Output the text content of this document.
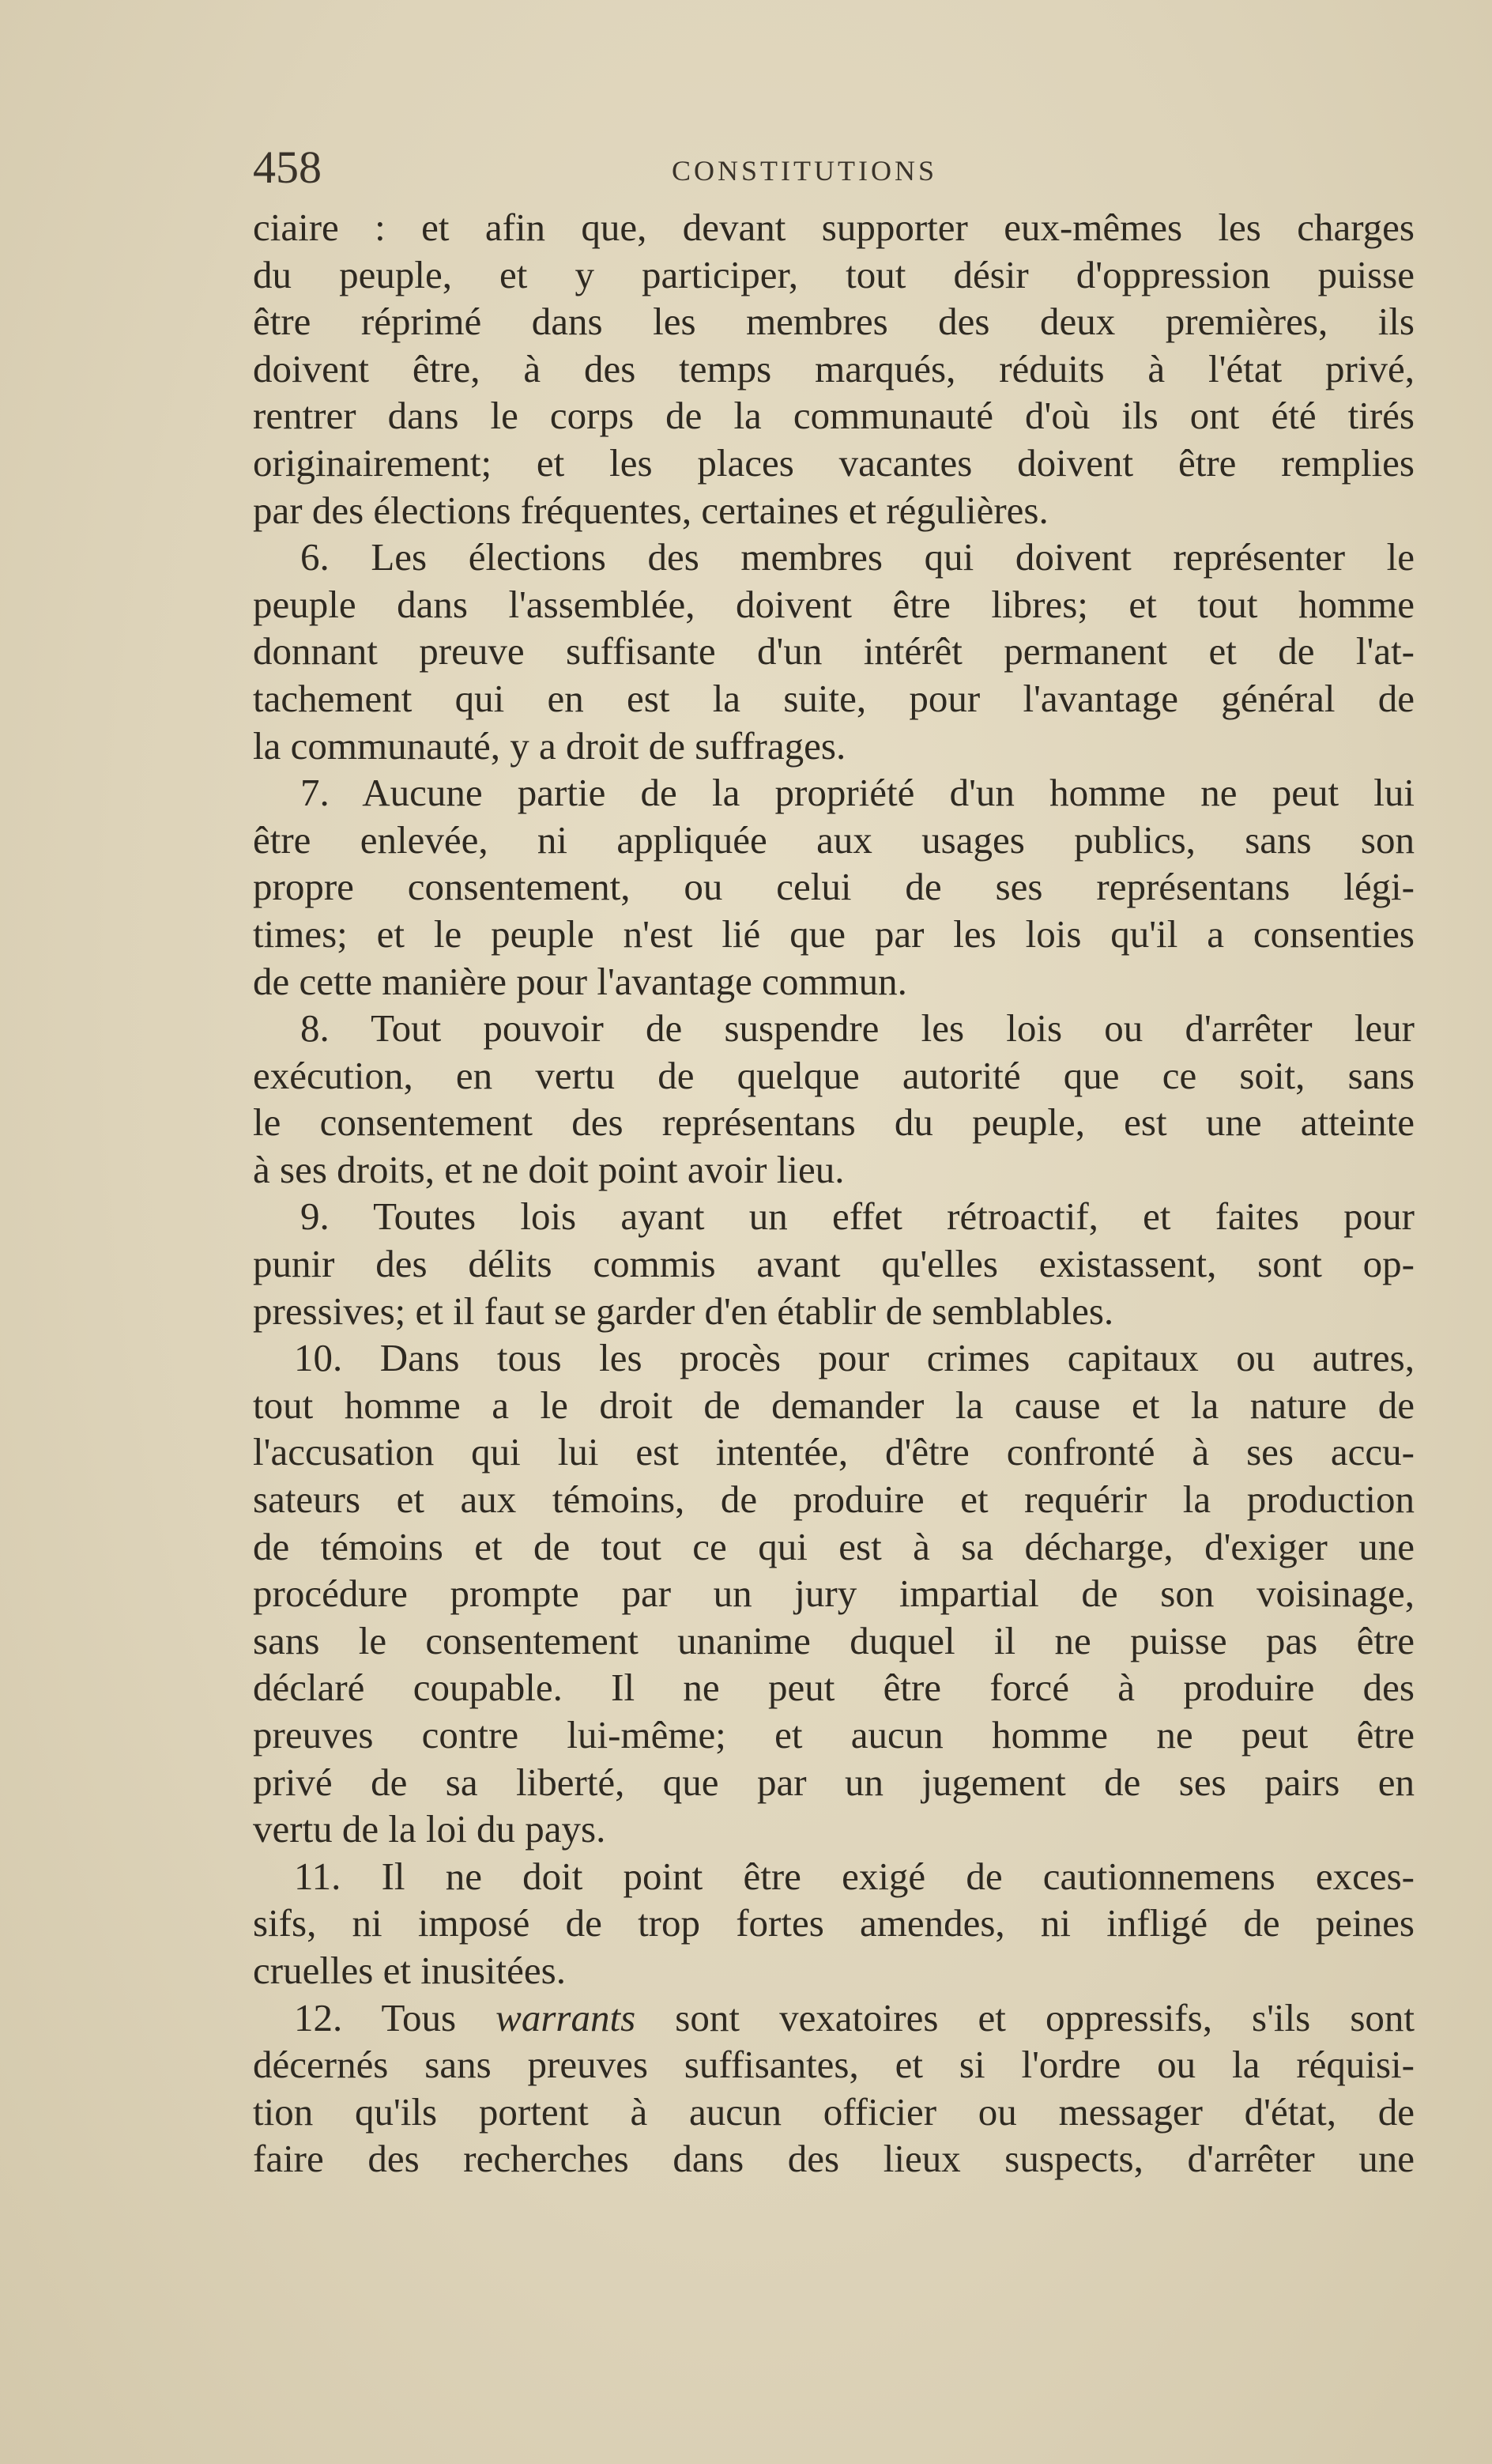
458	CONSTITUTIONS
ciaire : et afin que, devant supporter eux-mêmes les charges
du peuple, et y participer, tout désir d'oppression puisse
être réprimé dans les membres des deux premières, ils
doivent être, à des temps marqués, réduits à l'état privé,
rentrer dans le corps de la communauté d'où ils ont été tirés
originairement; et les places vacantes doivent être remplies
par des élections fréquentes, certaines et régulières.
6. Les élections des membres qui doivent représenter le
peuple dans l'assemblée, doivent être libres; et tout homme
donnant preuve suffisante d'un intérêt permanent et de l'at-
tachement qui en est la suite, pour l'avantage général de
la communauté, y a droit de suffrages.
7. Aucune partie de la propriété d'un homme ne peut lui
être enlevée, ni appliquée aux usages publics, sans son
propre consentement, ou celui de ses représentans légi-
times; et le peuple n'est lié que par les lois qu'il a consenties
de cette manière pour l'avantage commun.
8. Tout pouvoir de suspendre les lois ou d'arrêter leur
exécution, en vertu de quelque autorité que ce soit, sans
le consentement des représentans du peuple, est une atteinte
à ses droits, et ne doit point avoir lieu.
9. Toutes lois ayant un effet rétroactif, et faites pour
punir des délits commis avant qu'elles existassent, sont op-
pressives; et il faut se garder d'en établir de semblables.
10. Dans tous les procès pour crimes capitaux ou autres,
tout homme a le droit de demander la cause et la nature de
l'accusation qui lui est intentée, d'être confronté à ses accu-
sateurs et aux témoins, de produire et requérir la production
de témoins et de tout ce qui est à sa décharge, d'exiger une
procédure prompte par un jury impartial de son voisinage,
sans le consentement unanime duquel il ne puisse pas être
déclaré coupable. Il ne peut être forcé à produire des
preuves contre lui-même; et aucun homme ne peut être
privé de sa liberté, que par un jugement de ses pairs en
vertu de la loi du pays.
11. Il ne doit point être exigé de cautionnemens exces-
sifs, ni imposé de trop fortes amendes, ni infligé de peines
cruelles et inusitées.
12. Tous warrants sont vexatoires et oppressifs, s'ils sont
décernés sans preuves suffisantes, et si l'ordre ou la réquisi-
tion qu'ils portent à aucun officier ou messager d'état, de
faire des recherches dans des lieux suspects, d'arrêter une
